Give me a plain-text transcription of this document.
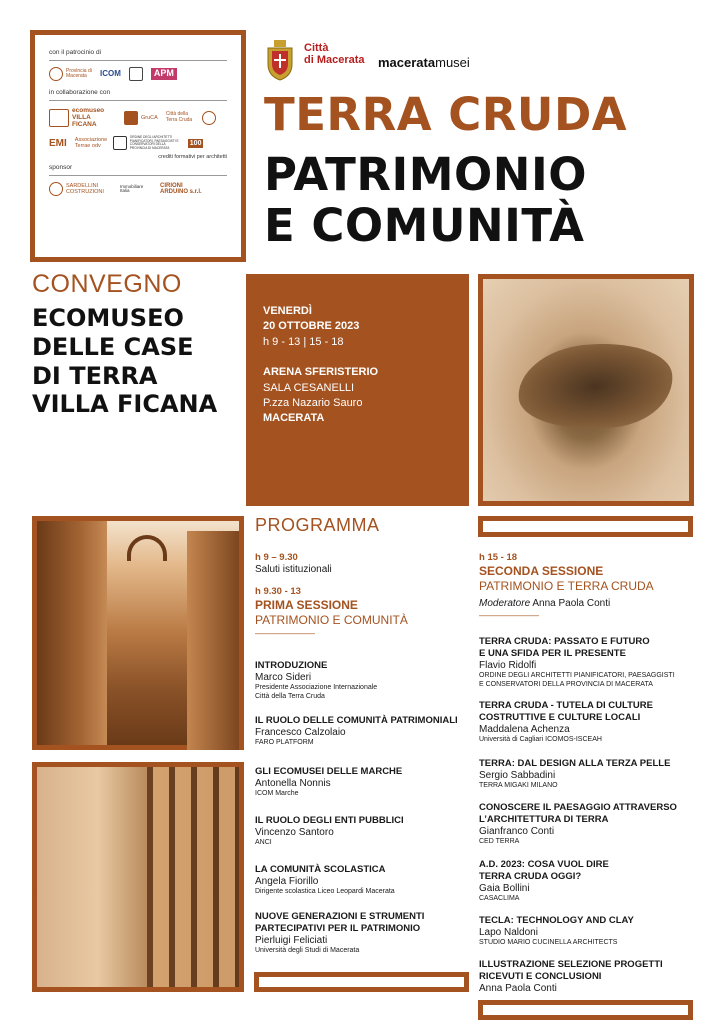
con il patrocinio di
Provincia di Macerata	ICOM	APM
in collaborazione con
ecomuseo VILLA FICANA
GruCA
Città della Terra Cruda
EMI Associazione Terrae odv
ORDINE DEGLI ARCHITETTI PIANIFICATORI, PAESAGGISTI E CONSERVATORI DELLA PROVINCIA DI MACERATA
100
crediti formativi per architetti
sponsor
SARDELLINI COSTRUZIONI
Immobiliare Italia
CIRIONI ARDUINO s.r.l.
Città
di Macerata maceratamusei
TERRA CRUDA
PATRIMONIO
E COMUNITÀ
CONVEGNO
ECOMUSEO
DELLE CASE
DI TERRA
VILLA FICANA
VENERDÌ
20 OTTOBRE 2023
h 9 - 13 | 15 - 18
ARENA SFERISTERIO
SALA CESANELLI
P.zza Nazario Sauro
MACERATA
PROGRAMMA
h 9 – 9.30
Saluti istituzionali
h 9.30 - 13
PRIMA SESSIONE
PATRIMONIO E COMUNITÀ
———————
INTRODUZIONE
Marco Sideri
Presidente Associazione Internazionale
Città della Terra Cruda
IL RUOLO DELLE COMUNITÀ PATRIMONIALI
Francesco Calzolaio
FARO PLATFORM
GLI ECOMUSEI DELLE MARCHE
Antonella Nonnis
ICOM Marche
IL RUOLO DEGLI ENTI PUBBLICI
Vincenzo Santoro
ANCI
LA COMUNITÀ SCOLASTICA
Angela Fiorillo
Dirigente scolastica Liceo Leopardi Macerata
NUOVE GENERAZIONI E STRUMENTI
PARTECIPATIVI PER IL PATRIMONIO
Pierluigi Feliciati
Università degli Studi di Macerata
h 15 - 18
SECONDA SESSIONE
PATRIMONIO E TERRA CRUDA
Moderatore Anna Paola Conti
———————
TERRA CRUDA: PASSATO E FUTURO
E UNA SFIDA PER IL PRESENTE
Flavio Ridolfi
ORDINE DEGLI ARCHITETTI PIANIFICATORI, PAESAGGISTI
E CONSERVATORI DELLA PROVINCIA DI MACERATA
TERRA CRUDA - TUTELA DI CULTURE
COSTRUTTIVE E CULTURE LOCALI
Maddalena Achenza
Università di Cagliari ICOMOS-ISCEAH
TERRA: DAL DESIGN ALLA TERZA PELLE
Sergio Sabbadini
TERRA MIGAKI MILANO
CONOSCERE IL PAESAGGIO ATTRAVERSO
L’ARCHITETTURA DI TERRA
Gianfranco Conti
CED TERRA
A.D. 2023: COSA VUOL DIRE
TERRA CRUDA OGGI?
Gaia Bollini
CASACLIMA
TECLA: TECHNOLOGY AND CLAY
Lapo Naldoni
STUDIO MARIO CUCINELLA ARCHITECTS
ILLUSTRAZIONE SELEZIONE PROGETTI
RICEVUTI E CONCLUSIONI
Anna Paola Conti
